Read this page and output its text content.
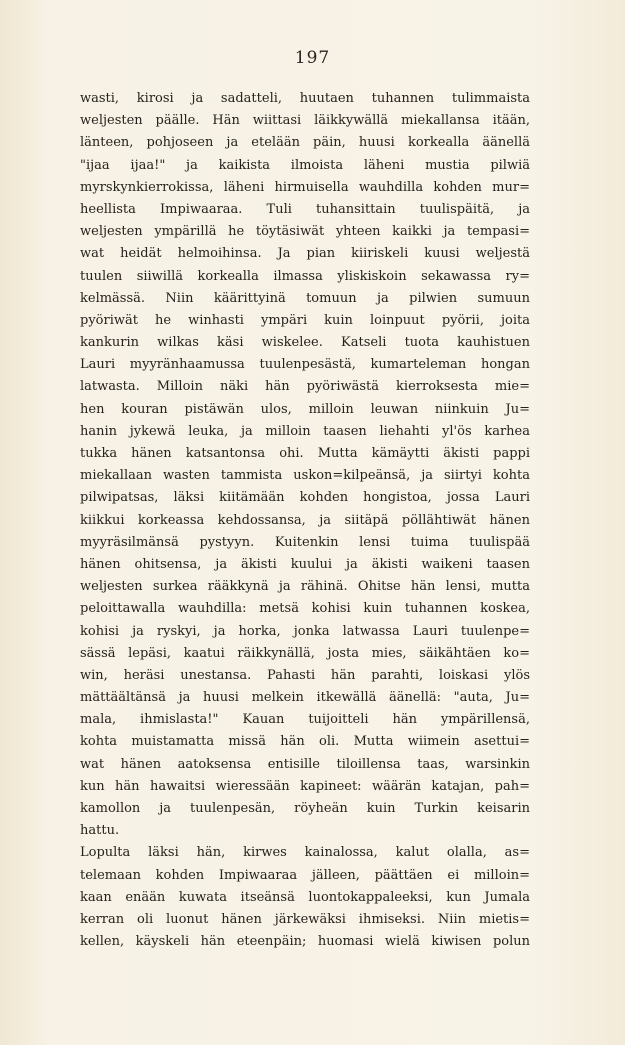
197
wasti, kirosi ja sadatteli, huutaen tuhannen tulimmaista
weljesten päälle. Hän wiittasi läikkywällä miekallansa itään,
länteen, pohjoseen ja etelään päin, huusi korkealla äänellä
"ijaa ijaa!" ja kaikista ilmoista läheni mustia pilwiä
myrskynkierrokissa, läheni hirmuisella wauhdilla kohden mur=
heellista Impiwaaraa. Tuli tuhansittain tuulispäitä, ja
weljesten ympärillä he töytäsiwät yhteen kaikki ja tempasi=
wat heidät helmoihinsa. Ja pian kiiriskeli kuusi weljestä
tuulen siiwillä korkealla ilmassa yliskiskoin sekawassa ry=
kelmässä. Niin käärittyinä tomuun ja pilwien sumuun
pyöriwät he winhasti ympäri kuin loinpuut pyörii, joita
kankurin wilkas käsi wiskelee. Katseli tuota kauhistuen
Lauri myyränhaamussa tuulenpesästä, kumarteleman hongan
latwasta. Milloin näki hän pyöriwästä kierroksesta mie=
hen kouran pistäwän ulos, milloin leuwan niinkuin Ju=
hanin jykewä leuka, ja milloin taasen liehahti yl'ös karhea
tukka hänen katsantonsa ohi. Mutta kämäytti äkisti pappi
miekallaan wasten tammista uskon=kilpeänsä, ja siirtyi kohta
pilwipatsas, läksi kiitämään kohden hongistoa, jossa Lauri
kiikkui korkeassa kehdossansa, ja siitäpä pöllähtiwät hänen
myyräsilmänsä pystyyn. Kuitenkin lensi tuima tuulispää
hänen ohitsensa, ja äkisti kuului ja äkisti waikeni taasen
weljesten surkea rääkkynä ja rähinä. Ohitse hän lensi, mutta
peloittawalla wauhdilla: metsä kohisi kuin tuhannen koskea,
kohisi ja ryskyi, ja horka, jonka latwassa Lauri tuulenpe=
sässä lepäsi, kaatui räikkynällä, josta mies, säikähtäen ko=
win, heräsi unestansa. Pahasti hän parahti, loiskasi ylös
mättäältänsä ja huusi melkein itkewällä äänellä: "auta, Ju=
mala, ihmislasta!" Kauan tuijoitteli hän ympärillensä,
kohta muistamatta missä hän oli. Mutta wiimein asettui=
wat hänen aatoksensa entisille tiloillensa taas, warsinkin
kun hän hawaitsi wieressään kapineet: wäärän katajan, pah=
kamollon ja tuulenpesän, röyheän kuin Turkin keisarin
hattu.
Lopulta läksi hän, kirwes kainalossa, kalut olalla, as=
telemaan kohden Impiwaaraa jälleen, päättäen ei milloin=
kaan enään kuwata itseänsä luontokappaleeksi, kun Jumala
kerran oli luonut hänen järkewäksi ihmiseksi. Niin mietis=
kellen, käyskeli hän eteenpäin; huomasi wielä kiwisen polun
